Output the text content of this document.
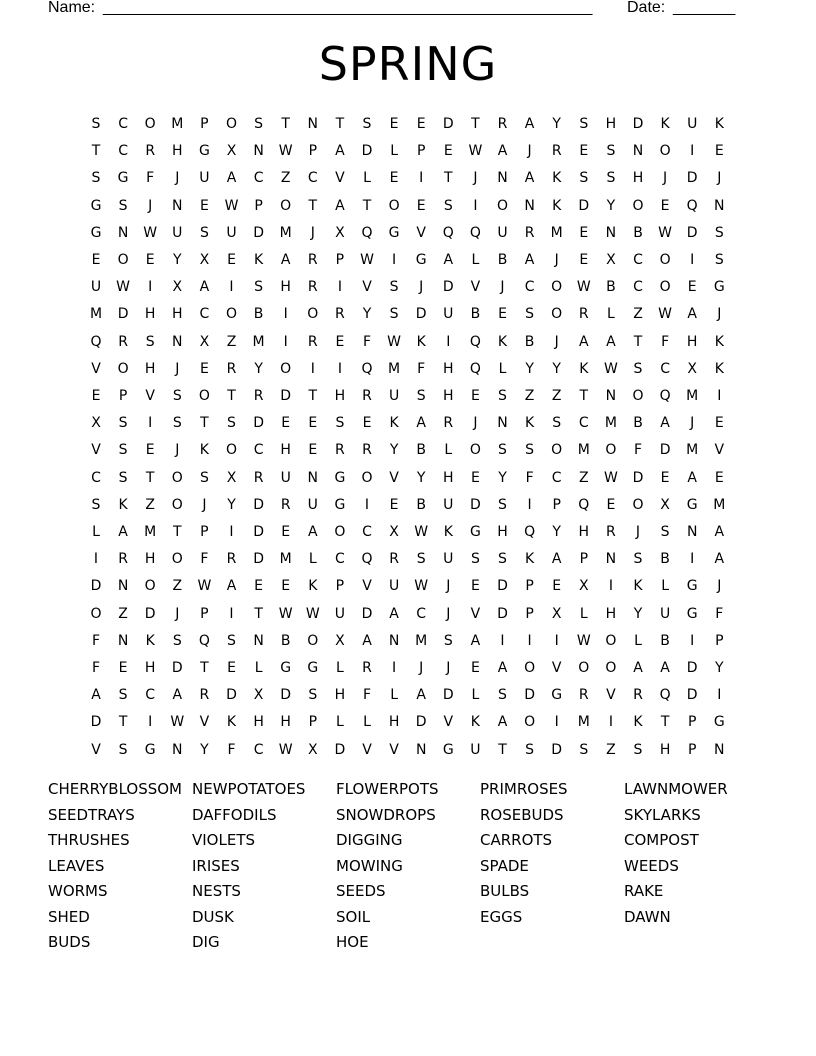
Name: _______________________________________________________ Date: _______
SPRING
S	C	O	M	P	O	S	T	N	T	S	E	E	D	T	R	A	Y	S	H	D	K	U	K
T	C	R	H	G	X	N	W	P	A	D	L	P	E	W	A	J	R	E	S	N	O	I	E
S	G	F	J	U	A	C	Z	C	V	L	E	I	T	J	N	A	K	S	S	H	J	D	J
G	S	J	N	E	W	P	O	T	A	T	O	E	S	I	O	N	K	D	Y	O	E	Q	N
G	N	W	U	S	U	D	M	J	X	Q	G	V	Q	Q	U	R	M	E	N	B	W	D	S
E	O	E	Y	X	E	K	A	R	P	W	I	G	A	L	B	A	J	E	X	C	O	I	S
U	W	I	X	A	I	S	H	R	I	V	S	J	D	V	J	C	O	W	B	C	O	E	G
M	D	H	H	C	O	B	I	O	R	Y	S	D	U	B	E	S	O	R	L	Z	W	A	J
Q	R	S	N	X	Z	M	I	R	E	F	W	K	I	Q	K	B	J	A	A	T	F	H	K
V	O	H	J	E	R	Y	O	I	I	Q	M	F	H	Q	L	Y	Y	K	W	S	C	X	K
E	P	V	S	O	T	R	D	T	H	R	U	S	H	E	S	Z	Z	T	N	O	Q	M	I
X	S	I	S	T	S	D	E	E	S	E	K	A	R	J	N	K	S	C	M	B	A	J	E
V	S	E	J	K	O	C	H	E	R	R	Y	B	L	O	S	S	O	M	O	F	D	M	V
C	S	T	O	S	X	R	U	N	G	O	V	Y	H	E	Y	F	C	Z	W	D	E	A	E
S	K	Z	O	J	Y	D	R	U	G	I	E	B	U	D	S	I	P	Q	E	O	X	G	M
L	A	M	T	P	I	D	E	A	O	C	X	W	K	G	H	Q	Y	H	R	J	S	N	A
I	R	H	O	F	R	D	M	L	C	Q	R	S	U	S	S	K	A	P	N	S	B	I	A
D	N	O	Z	W	A	E	E	K	P	V	U	W	J	E	D	P	E	X	I	K	L	G	J
O	Z	D	J	P	I	T	W W	U	D	A	C	J	V	D	P	X	L	H	Y	U	G	F
F	N	K	S	Q	S	N	B	O	X	A	N	M	S	A	I	I	I	W	O	L	B	I	P
F	E	H	D	T	E	L	G	G	L	R	I	J	J	E	A	O	V	O	O	A	A	D	Y
A	S	C	A	R	D	X	D	S	H	F	L	A	D	L	S	D	G	R	V	R	Q	D	I
D	T	I	W	V	K	H	H	P	L	L	H	D	V	K	A	O	I	M	I	K	T	P	G
V	S	G	N	Y	F	C	W	X	D	V	V	N	G	U	T	S	D	S	Z	S	H	P	N
CHERRYBLOSSOM NEWPOTATOES FLOWERPOTS	PRIMROSES	LAWNMOWER
SEEDTRAYS	DAFFODILS	SNOWDROPS	ROSEBUDS	SKYLARKS
THRUSHES	VIOLETS	DIGGING	CARROTS	COMPOST
LEAVES	IRISES	MOWING	SPADE	WEEDS
WORMS	NESTS	SEEDS	BULBS	RAKE
SHED	DUSK	SOIL	EGGS	DAWN
BUDS	DIG	HOE
